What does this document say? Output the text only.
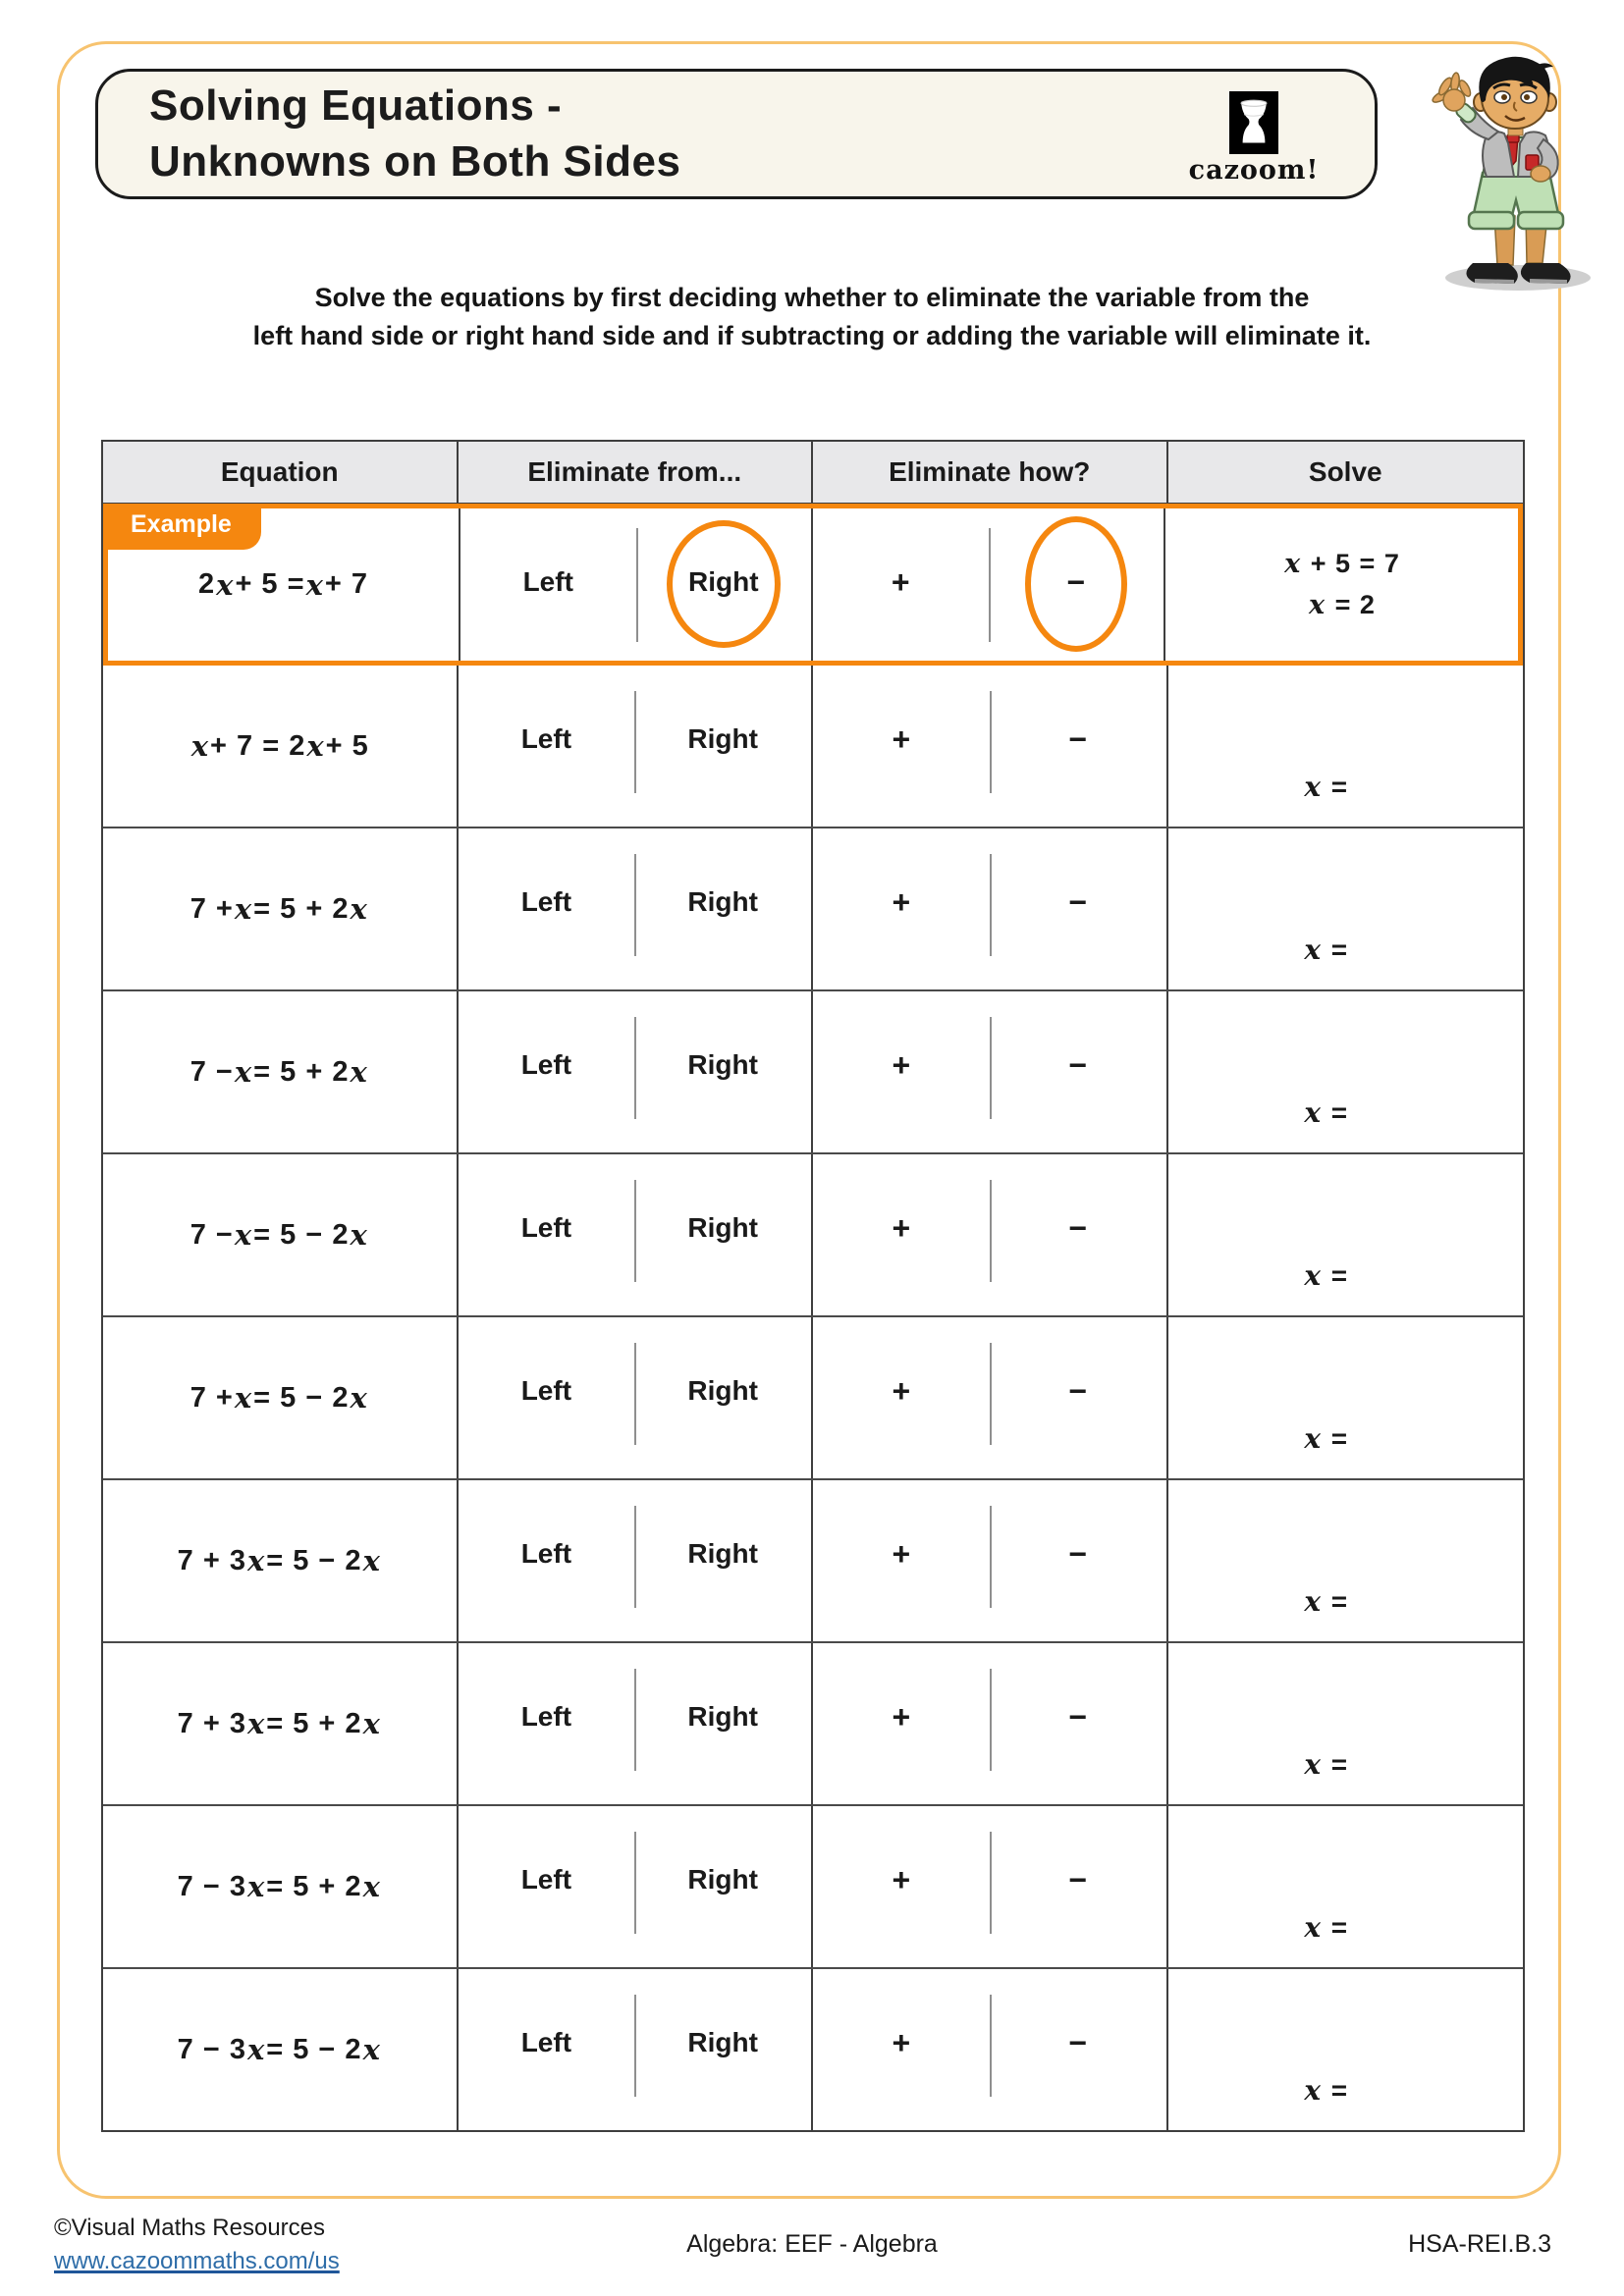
Solving Equations -
Unknowns on Both Sides	cazoom!
Solve the equations by first deciding whether to eliminate the variable from the
left hand side or right hand side and if subtracting or adding the variable will eliminate it.
Equation	Eliminate from...	Eliminate how?	Solve
Example
2 x + 5 = x + 7	Left	Right	+	−	x + 5 = 7
x = 2
x + 7 = 2 x + 5	Left	Right	+	−
x =
7 + x = 5 + 2 x	Left	Right	+	−
x =
7 − x = 5 + 2 x	Left	Right	+	−
x =
7 − x = 5 − 2 x	Left	Right	+	−
x =
7 + x = 5 − 2 x	Left	Right	+	−
x =
7 + 3 x = 5 − 2 x	Left	Right	+	−
x =
7 + 3 x = 5 + 2 x	Left	Right	+	−
x =
7 − 3 x = 5 + 2 x	Left	Right	+	−
x =
7 − 3 x = 5 − 2 x	Left	Right	+	−
x =
©Visual Maths Resources
www.cazoommaths.com/us
Algebra: EEF - Algebra	HSA-REI.B.3
